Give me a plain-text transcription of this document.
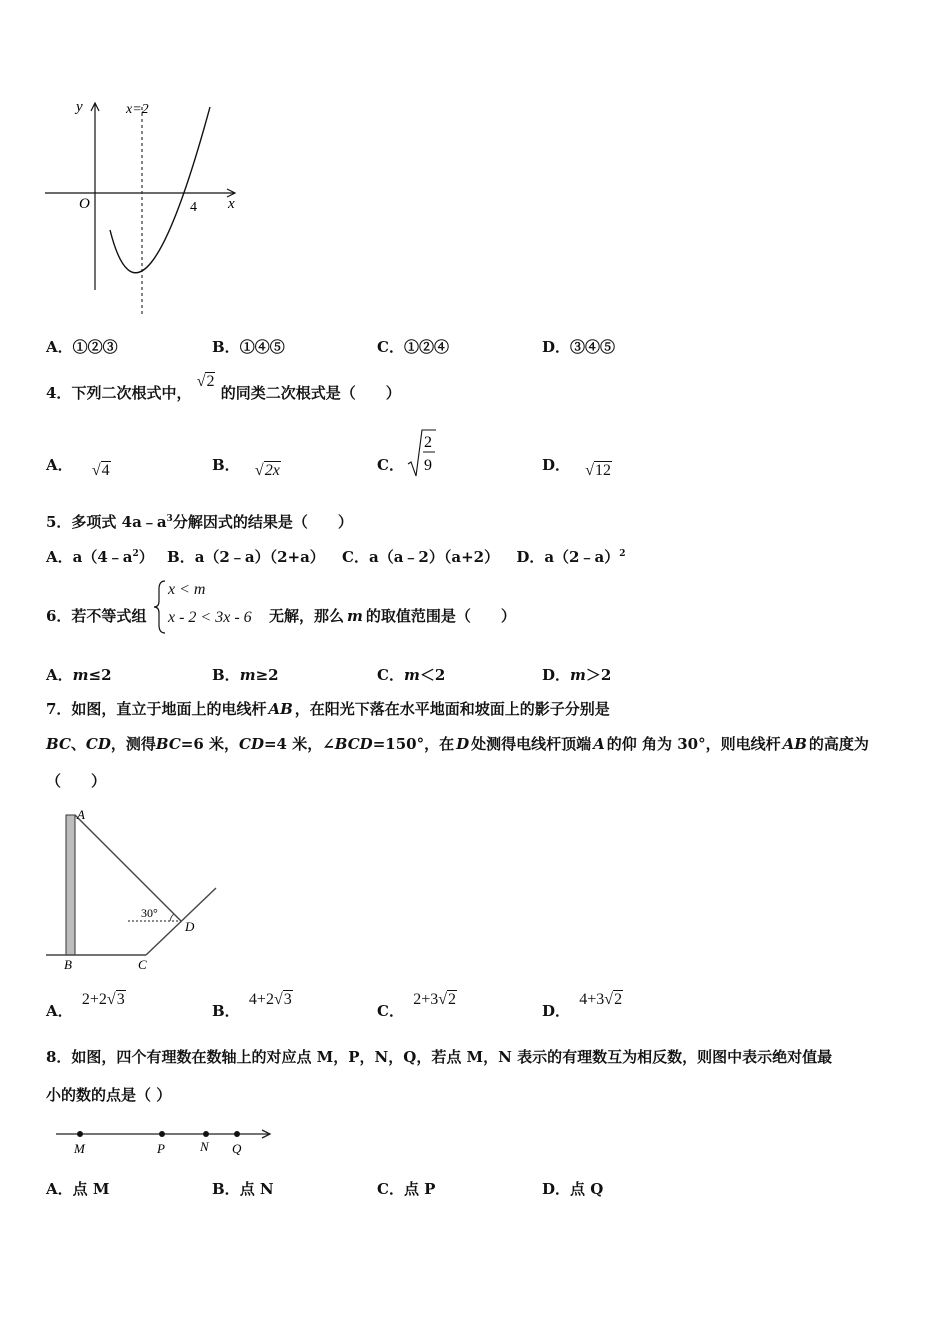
y
x
O
x=2
4
A．①②③	B．①④⑤	C．①②④	D．③④⑤
4．下列二次根式中， √2 的同类二次根式是（　　）
A． √4	B． √2x	C．
2
9	D． √12
5．多项式 $4a﹣a^3$分解因式的结果是（　　）
A．$a(4﹣a^2)$ B．a（2﹣a）（2+a） C．a（a﹣2）（a+2） D．a（2﹣a）$^2$
6．若不等式组
x < m
x - 2 < 3x - 6 无解，那么 m 的取值范围是（　　）
A．m≤2	B．m≥2	C．m＜2	D．m＞2
7．如图，直立于地面上的电线杆 AB ，在阳光下落在水平地面和坡面上的影子分别是
BC、CD，测得BC=6 米，CD=4 米，∠BCD=150°，在 D 处测得电线杆顶端 A 的仰 角为 30°，则电线杆 AB 的高度为
（　　）
30°
A
B	C
D
A． 2+2√3
B． 4+2√3
C． 2+3√2
D． 4+3√2
8．如图，四个有理数在数轴上的对应点 M，P，N，Q，若点 M，N 表示的有理数互为相反数，则图中表示绝对值最
小的数的点是（ ）
M	P	N Q
A．点 M	B．点 N	C．点 P	D．点 Q
